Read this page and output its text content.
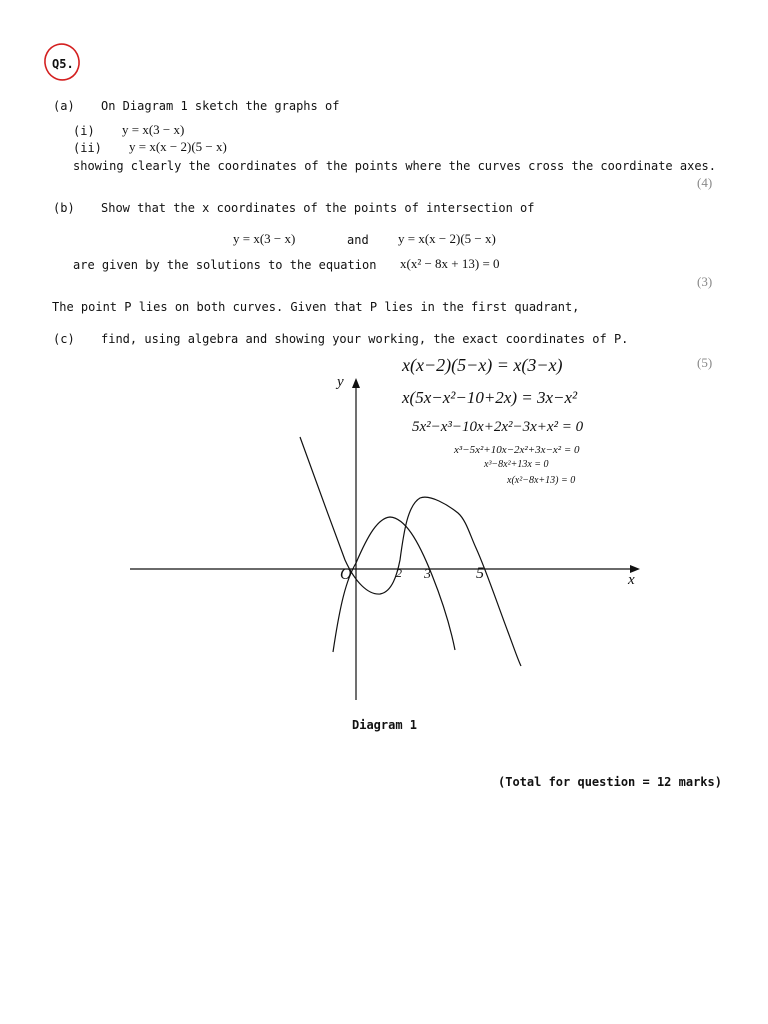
Q5.
(a) On Diagram 1 sketch the graphs of
(i) y = x(3 − x)
(ii) y = x(x − 2)(5 − x)
showing clearly the coordinates of the points where the curves cross the coordinate axes.
(4)
(b) Show that the x coordinates of the points of intersection of
y = x(3 − x)	and y = x(x − 2)(5 − x)
are given by the solutions to the equation x(x² − 8x + 13) = 0
(3)
The point P lies on both curves. Given that P lies in the first quadrant,
(c) find, using algebra and showing your working, the exact coordinates of P.
(5)
x(x−2)(5−x) = x(3−x)
x(5x−x²−10+2x) = 3x−x²
5x²−x³−10x+2x²−3x+x² = 0
x³−5x²+10x−2x²+3x−x² = 0
x³−8x²+13x = 0
x(x²−8x+13) = 0
y
x
O	2 3	5
Diagram 1
(Total for question = 12 marks)
